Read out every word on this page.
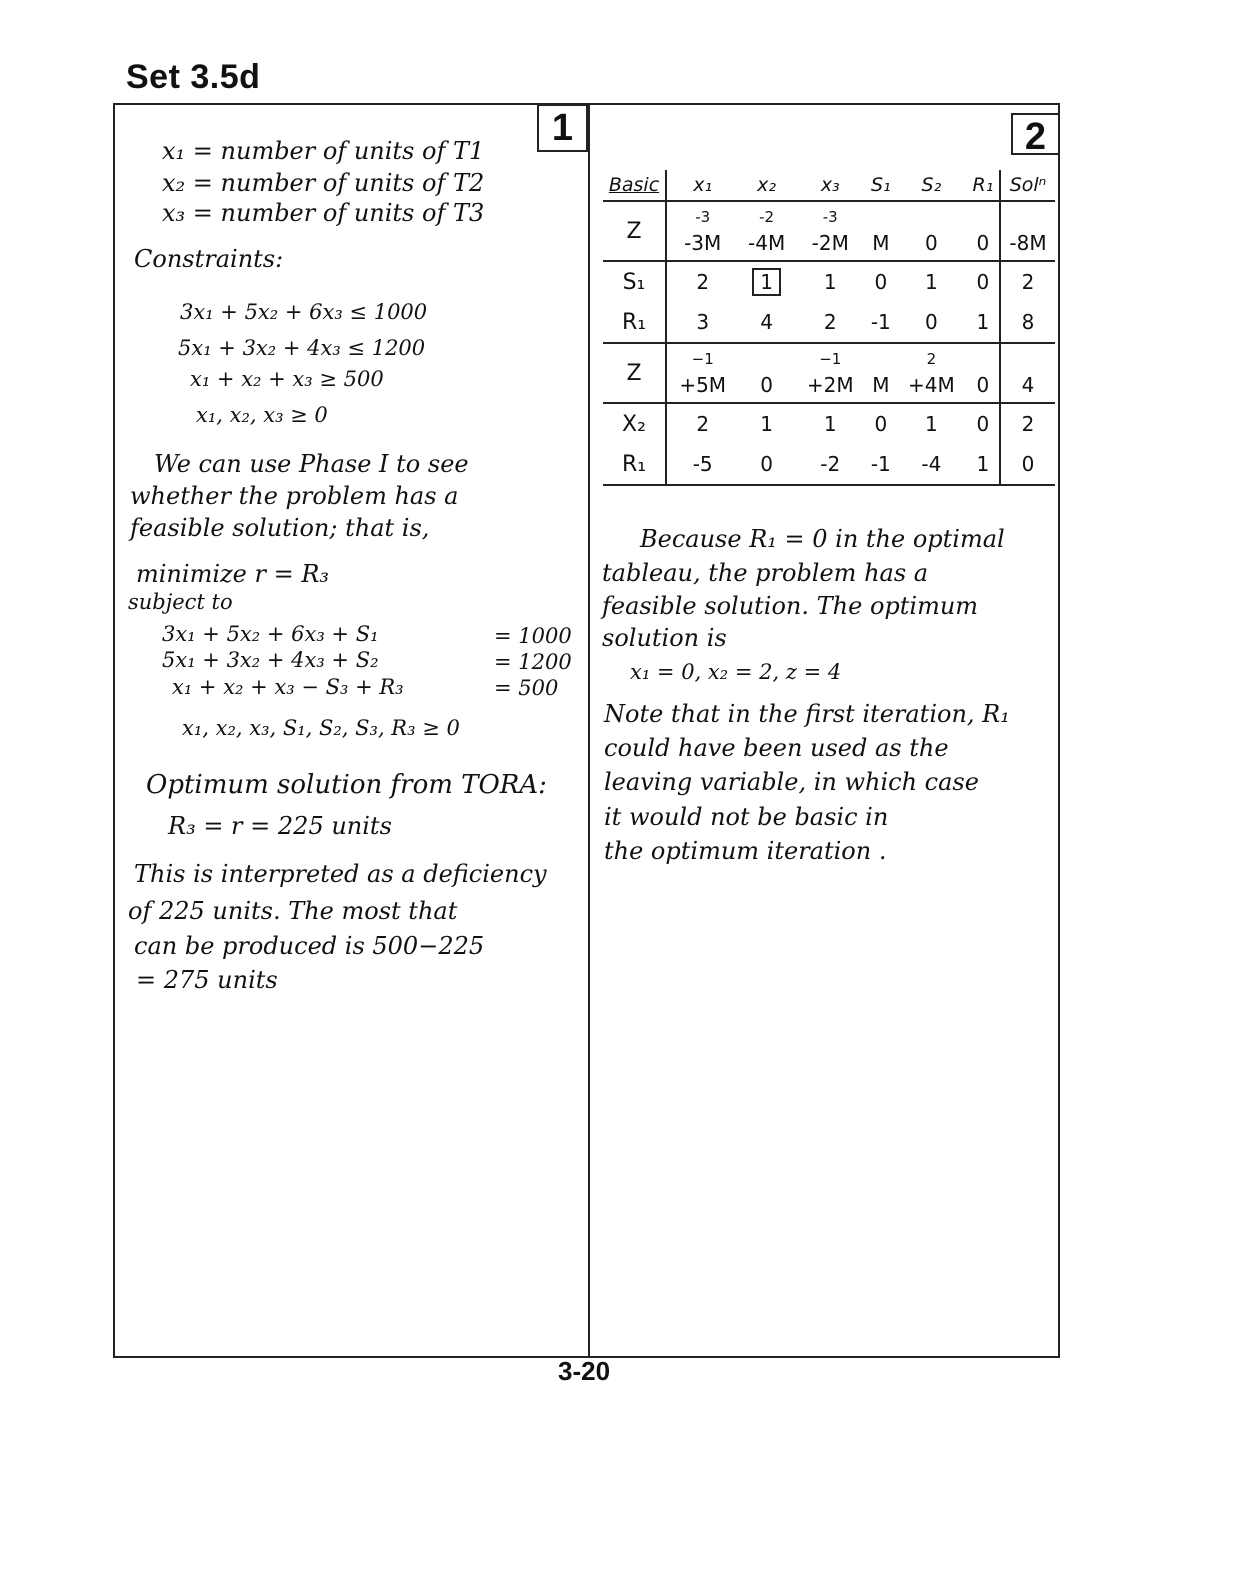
Set 3.5d
1	2
x₁ = number of units of T1
x₂ = number of units of T2
x₃ = number of units of T3
Constraints:
3x₁ + 5x₂ + 6x₃ ≤ 1000
5x₁ + 3x₂ + 4x₃ ≤ 1200
x₁ + x₂ + x₃ ≥ 500
x₁, x₂, x₃ ≥ 0
We can use Phase I to see
whether the problem has a
feasible solution; that is,
minimize r = R₃
subject to
3x₁ + 5x₂ + 6x₃ + S₁	= 1000
5x₁ + 3x₂ + 4x₃ + S₂	= 1200
x₁ + x₂ + x₃ − S₃ + R₃	= 500
x₁, x₂, x₃, S₁, S₂, S₃, R₃ ≥ 0
Optimum solution from TORA:
R₃ = r = 225 units
This is interpreted as a deficiency
of 225 units. The most that
can be produced is 500−225
= 275 units
Basic	x₁	x₂	x₃	S₁	S₂	R₁	Solⁿ
Z	-3	-2	-3				
	-3M	-4M	-2M	M	0	0	-8M
S₁	2	1	1	0	1	0	2
R₁	3	4	2	-1	0	1	8
Z	−1		−1		2		
	+5M	0	+2M	M	+4M	0	4
X₂	2	1	1	0	1	0	2
R₁	-5	0	-2	-1	-4	1	0
Because R₁ = 0 in the optimal
tableau, the problem has a
feasible solution. The optimum
solution is
x₁ = 0, x₂ = 2, z = 4
Note that in the first iteration, R₁
could have been used as the
leaving variable, in which case
it would not be basic in
the optimum iteration .
3-20
